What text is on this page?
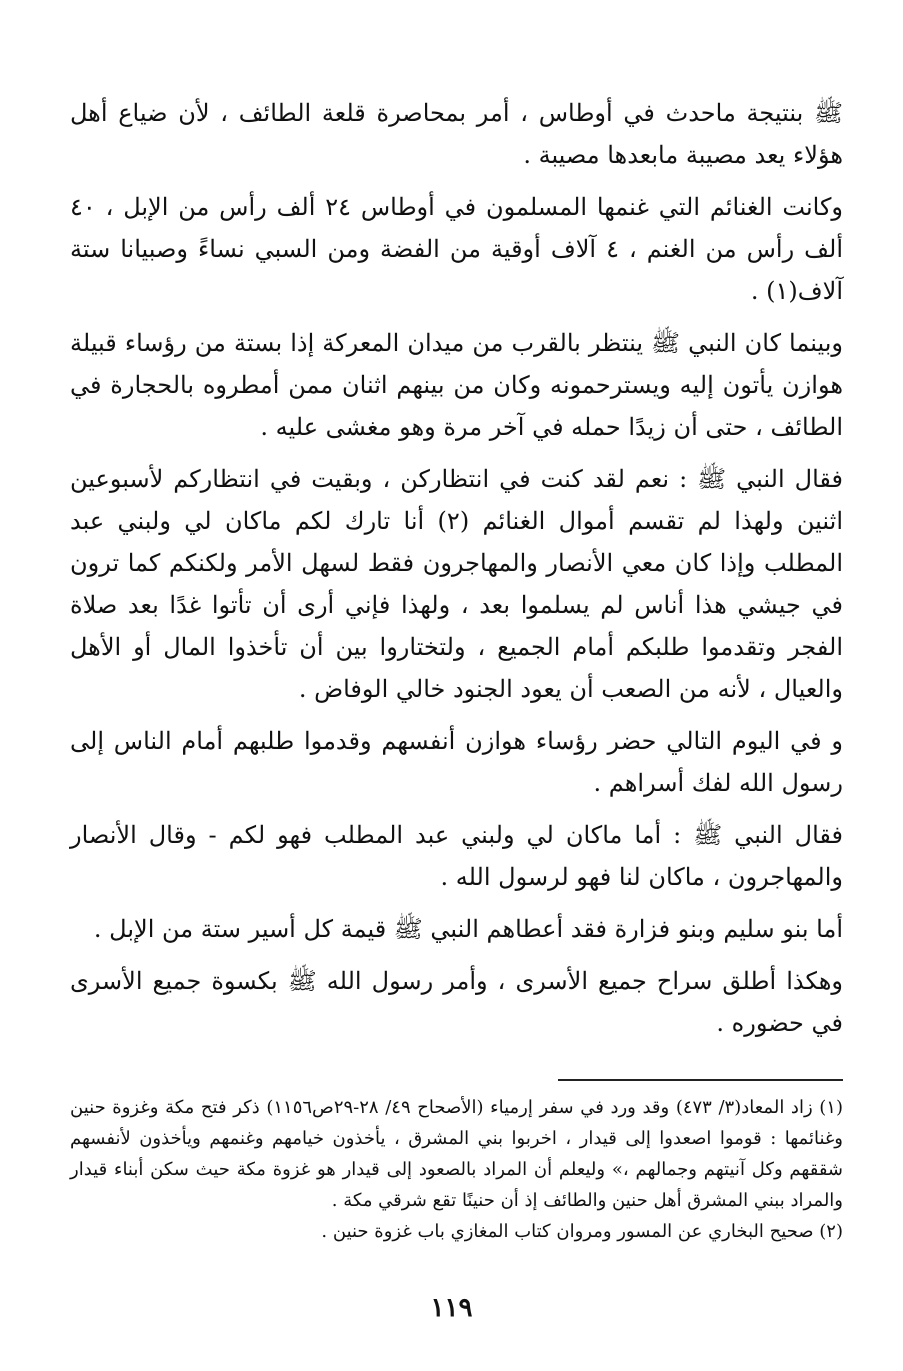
ﷺ بنتيجة ماحدث في أوطاس ، أمر بمحاصرة قلعة الطائف ، لأن ضياع أهل هؤلاء يعد مصيبة مابعدها مصيبة .

وكانت الغنائم التي غنمها المسلمون في أوطاس ٢٤ ألف رأس من الإبل ، ٤٠ ألف رأس من الغنم ، ٤ آلاف أوقية من الفضة ومن السبي نساءً وصبيانا ستة آلاف(١) .

وبينما كان النبي ﷺ ينتظر بالقرب من ميدان المعركة إذا بستة من رؤساء قبيلة هوازن يأتون إليه ويسترحمونه وكان من بينهم اثنان ممن أمطروه بالحجارة في الطائف ، حتى أن زيدًا حمله في آخر مرة وهو مغشى عليه .

فقال النبي ﷺ : نعم لقد كنت في انتظاركن ، وبقيت في انتظاركم لأسبوعين اثنين ولهذا لم تقسم أموال الغنائم (٢) أنا تارك لكم ماكان لي ولبني عبد المطلب وإذا كان معي الأنصار والمهاجرون فقط لسهل الأمر ولكنكم كما ترون في جيشي هذا أناس لم يسلموا بعد ، ولهذا فإني أرى أن تأتوا غدًا بعد صلاة الفجر وتقدموا طلبكم أمام الجميع ، ولتختاروا بين أن تأخذوا المال أو الأهل والعيال ، لأنه من الصعب أن يعود الجنود خالي الوفاض .

و في اليوم التالي حضر رؤساء هوازن أنفسهم وقدموا طلبهم أمام الناس إلى رسول الله لفك أسراهم .

فقال النبي ﷺ : أما ماكان لي ولبني عبد المطلب فهو لكم - وقال الأنصار والمهاجرون ، ماكان لنا فهو لرسول الله .

أما بنو سليم وبنو فزارة فقد أعطاهم النبي ﷺ قيمة كل أسير ستة من الإبل .

وهكذا أطلق سراح جميع الأسرى ، وأمر رسول الله ﷺ بكسوة جميع الأسرى في حضوره .

(١) زاد المعاد(٣/ ٤٧٣) وقد ورد في سفر إرمياء (الأصحاح ٤٩/ ٢٨-٢٩ص١١٥٦) ذكر فتح مكة وغزوة حنين وغنائمها : قوموا اصعدوا إلى قيدار ، اخربوا بني المشرق ، يأخذون خيامهم وغنمهم ويأخذون لأنفسهم شققهم وكل آنيتهم وجمالهم ،» وليعلم أن المراد بالصعود إلى قيدار هو غزوة مكة حيث سكن أبناء قيدار والمراد ببني المشرق أهل حنين والطائف إذ أن حنينًا تقع شرقي مكة .

(٢) صحيح البخاري عن المسور ومروان كتاب المغازي باب غزوة حنين .

١١٩
